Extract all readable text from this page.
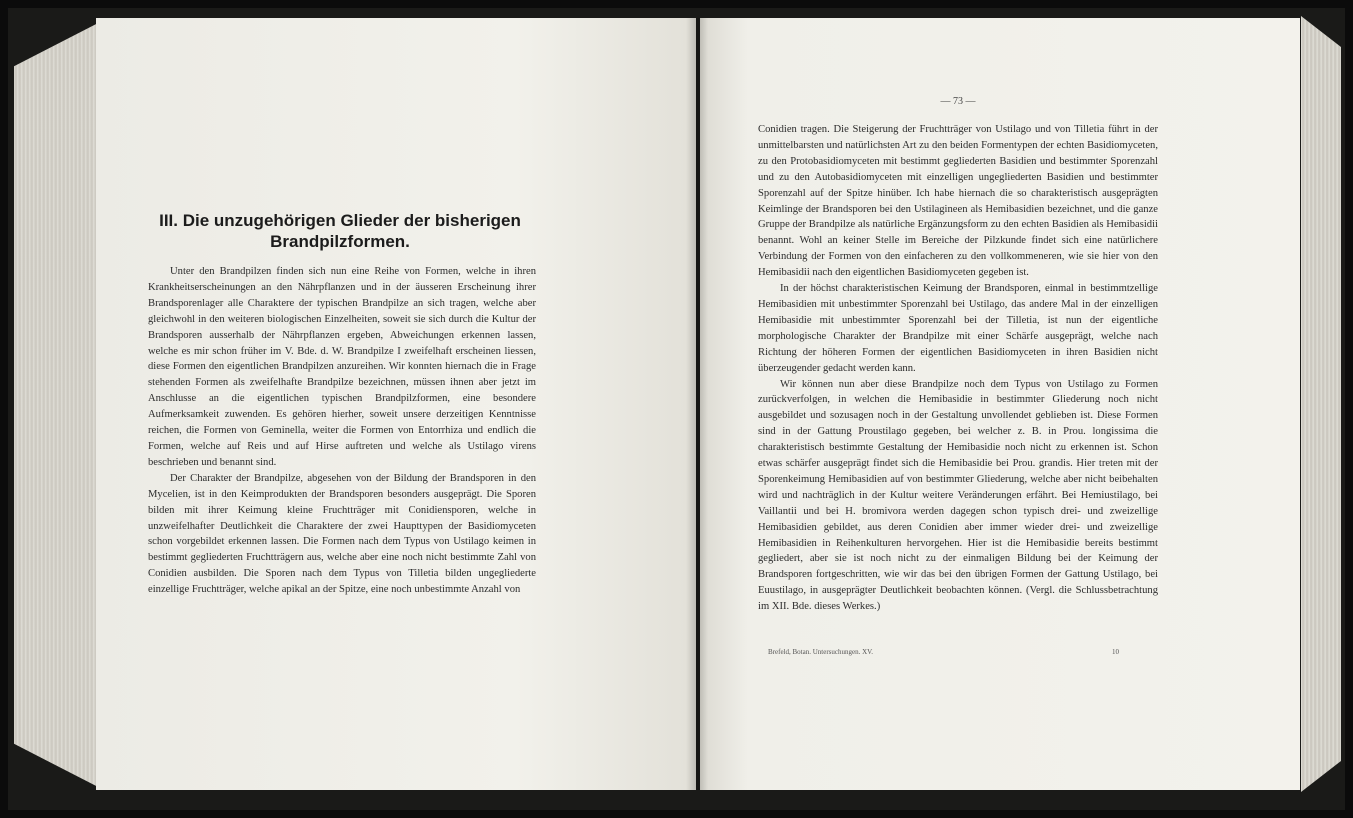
III. Die unzugehörigen Glieder der bisherigen Brandpilzformen.

Unter den Brandpilzen finden sich nun eine Reihe von Formen, welche in ihren Krankheitserscheinungen an den Nährpflanzen und in der äusseren Erscheinung ihrer Brandsporenlager alle Charaktere der typischen Brandpilze an sich tragen, welche aber gleichwohl in den weiteren biologischen Einzelheiten, soweit sie sich durch die Kultur der Brandsporen ausserhalb der Nährpflanzen ergeben, Abweichungen erkennen lassen, welche es mir schon früher im V. Bde. d. W. Brandpilze I zweifelhaft erscheinen liessen, diese Formen den eigentlichen Brandpilzen anzureihen. Wir konnten hiernach die in Frage stehenden Formen als zweifelhafte Brandpilze bezeichnen, müssen ihnen aber jetzt im Anschlusse an die eigentlichen typischen Brandpilzformen, eine besondere Aufmerksamkeit zuwenden. Es gehören hierher, soweit unsere derzeitigen Kenntnisse reichen, die Formen von Geminella, weiter die Formen von Entorrhiza und endlich die Formen, welche auf Reis und auf Hirse auftreten und welche als Ustilago virens beschrieben und benannt sind.

Der Charakter der Brandpilze, abgesehen von der Bildung der Brandsporen in den Mycelien, ist in den Keimprodukten der Brandsporen besonders ausgeprägt. Die Sporen bilden mit ihrer Keimung kleine Fruchtträger mit Conidiensporen, welche in unzweifelhafter Deutlichkeit die Charaktere der zwei Haupttypen der Basidiomyceten schon vorgebildet erkennen lassen. Die Formen nach dem Typus von Ustilago keimen in bestimmt gegliederten Fruchtträgern aus, welche aber eine noch nicht bestimmte Zahl von Conidien ausbilden. Die Sporen nach dem Typus von Tilletia bilden ungegliederte einzellige Fruchtträger, welche apikal an der Spitze, eine noch unbestimmte Anzahl von

— 73 —

Conidien tragen. Die Steigerung der Fruchtträger von Ustilago und von Tilletia führt in der unmittelbarsten und natürlichsten Art zu den beiden Formentypen der echten Basidiomyceten, zu den Protobasidiomyceten mit bestimmt gegliederten Basidien und bestimmter Sporenzahl und zu den Autobasidiomyceten mit einzelligen ungegliederten Basidien und bestimmter Sporenzahl auf der Spitze hinüber. Ich habe hiernach die so charakteristisch ausgeprägten Keimlinge der Brandsporen bei den Ustilagineen als Hemibasidien bezeichnet, und die ganze Gruppe der Brandpilze als natürliche Ergänzungsform zu den echten Basidien als Hemibasidii benannt. Wohl an keiner Stelle im Bereiche der Pilzkunde findet sich eine natürlichere Verbindung der Formen von den einfacheren zu den vollkommeneren, wie sie hier von den Hemibasidii nach den eigentlichen Basidiomyceten gegeben ist.

In der höchst charakteristischen Keimung der Brandsporen, einmal in bestimmtzellige Hemibasidien mit unbestimmter Sporenzahl bei Ustilago, das andere Mal in der einzelligen Hemibasidie mit unbestimmter Sporenzahl bei der Tilletia, ist nun der eigentliche morphologische Charakter der Brandpilze mit einer Schärfe ausgeprägt, welche nach Richtung der höheren Formen der eigentlichen Basidiomyceten in ihren Basidien nicht überzeugender gedacht werden kann.

Wir können nun aber diese Brandpilze noch dem Typus von Ustilago zu Formen zurückverfolgen, in welchen die Hemibasidie in bestimmter Gliederung noch nicht ausgebildet und sozusagen noch in der Gestaltung unvollendet geblieben ist. Diese Formen sind in der Gattung Proustilago gegeben, bei welcher z. B. in Prou. longissima die charakteristisch bestimmte Gestaltung der Hemibasidie noch nicht zu erkennen ist. Schon etwas schärfer ausgeprägt findet sich die Hemibasidie bei Prou. grandis. Hier treten mit der Sporenkeimung Hemibasidien auf von bestimmter Gliederung, welche aber nicht beibehalten wird und nachträglich in der Kultur weitere Veränderungen erfährt. Bei Hemiustilago, bei Vaillantii und bei H. bromivora werden dagegen schon typisch drei- und zweizellige Hemibasidien gebildet, aus deren Conidien aber immer wieder drei- und zweizellige Hemibasidien in Reihenkulturen hervorgehen. Hier ist die Hemibasidie bereits bestimmt gegliedert, aber sie ist noch nicht zu der einmaligen Bildung bei der Keimung der Brandsporen fortgeschritten, wie wir das bei den übrigen Formen der Gattung Ustilago, bei Euustilago, in ausgeprägter Deutlichkeit beobachten können. (Vergl. die Schlussbetrachtung im XII. Bde. dieses Werkes.)

Brefeld, Botan. Untersuchungen. XV.	10
